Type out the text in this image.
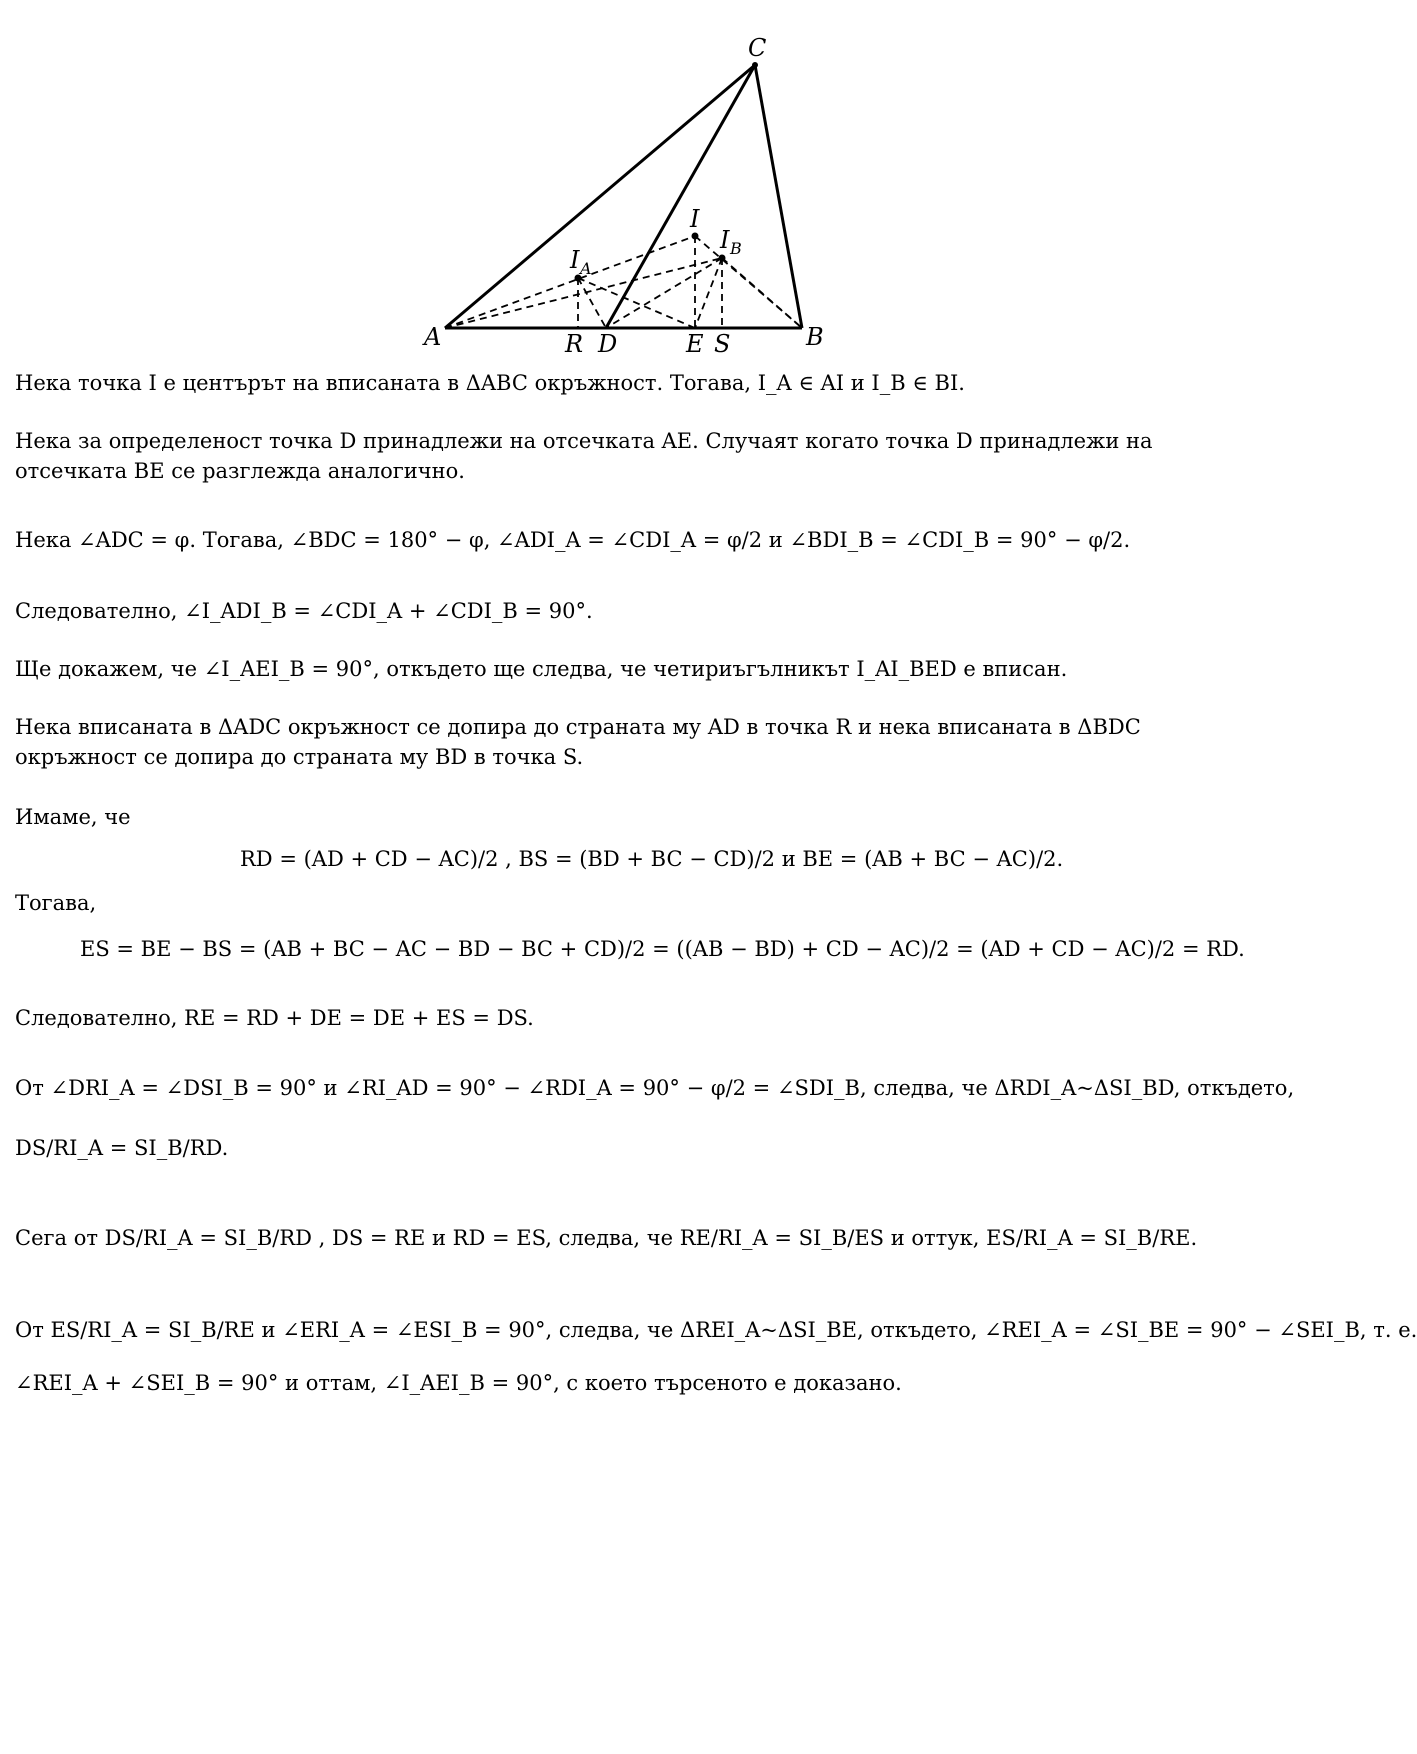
A	B
C
R D	E S
I
I A
I B
Нека точка I е центърът на вписаната в ΔABC окръжност. Тогава, I_A ∈ AI и I_B ∈ BI.
Нека за определеност точка D принадлежи на отсечката AE. Случаят когато точка D принадлежи на
отсечката BE се разглежда аналогично.
Нека ∠ADC = φ. Тогава, ∠BDC = 180° − φ, ∠ADI_A = ∠CDI_A = φ/2 и ∠BDI_B = ∠CDI_B = 90° − φ/2.
Следователно, ∠I_ADI_B = ∠CDI_A + ∠CDI_B = 90°.
Ще докажем, че ∠I_AEI_B = 90°, откъдето ще следва, че четириъгълникът I_AI_BED е вписан.
Нека вписаната в ΔADC окръжност се допира до страната му AD в точка R и нека вписаната в ΔBDC
окръжност се допира до страната му BD в точка S.
Имаме, че
RD = (AD + CD − AC)/2 , BS = (BD + BC − CD)/2 и BE = (AB + BC − AC)/2.
Тогава,
ES = BE − BS = (AB + BC − AC − BD − BC + CD)/2 = ((AB − BD) + CD − AC)/2 = (AD + CD − AC)/2 = RD.
Следователно, RE = RD + DE = DE + ES = DS.
От ∠DRI_A = ∠DSI_B = 90° и ∠RI_AD = 90° − ∠RDI_A = 90° − φ/2 = ∠SDI_B, следва, че ΔRDI_A~ΔSI_BD, откъдето,
DS/RI_A = SI_B/RD.
Сега от DS/RI_A = SI_B/RD , DS = RE и RD = ES, следва, че RE/RI_A = SI_B/ES и оттук, ES/RI_A = SI_B/RE.
От ES/RI_A = SI_B/RE и ∠ERI_A = ∠ESI_B = 90°, следва, че ΔREI_A~ΔSI_BE, откъдето, ∠REI_A = ∠SI_BE = 90° − ∠SEI_B, т. е.
∠REI_A + ∠SEI_B = 90° и оттам, ∠I_AEI_B = 90°, с което търсеното е доказано.
